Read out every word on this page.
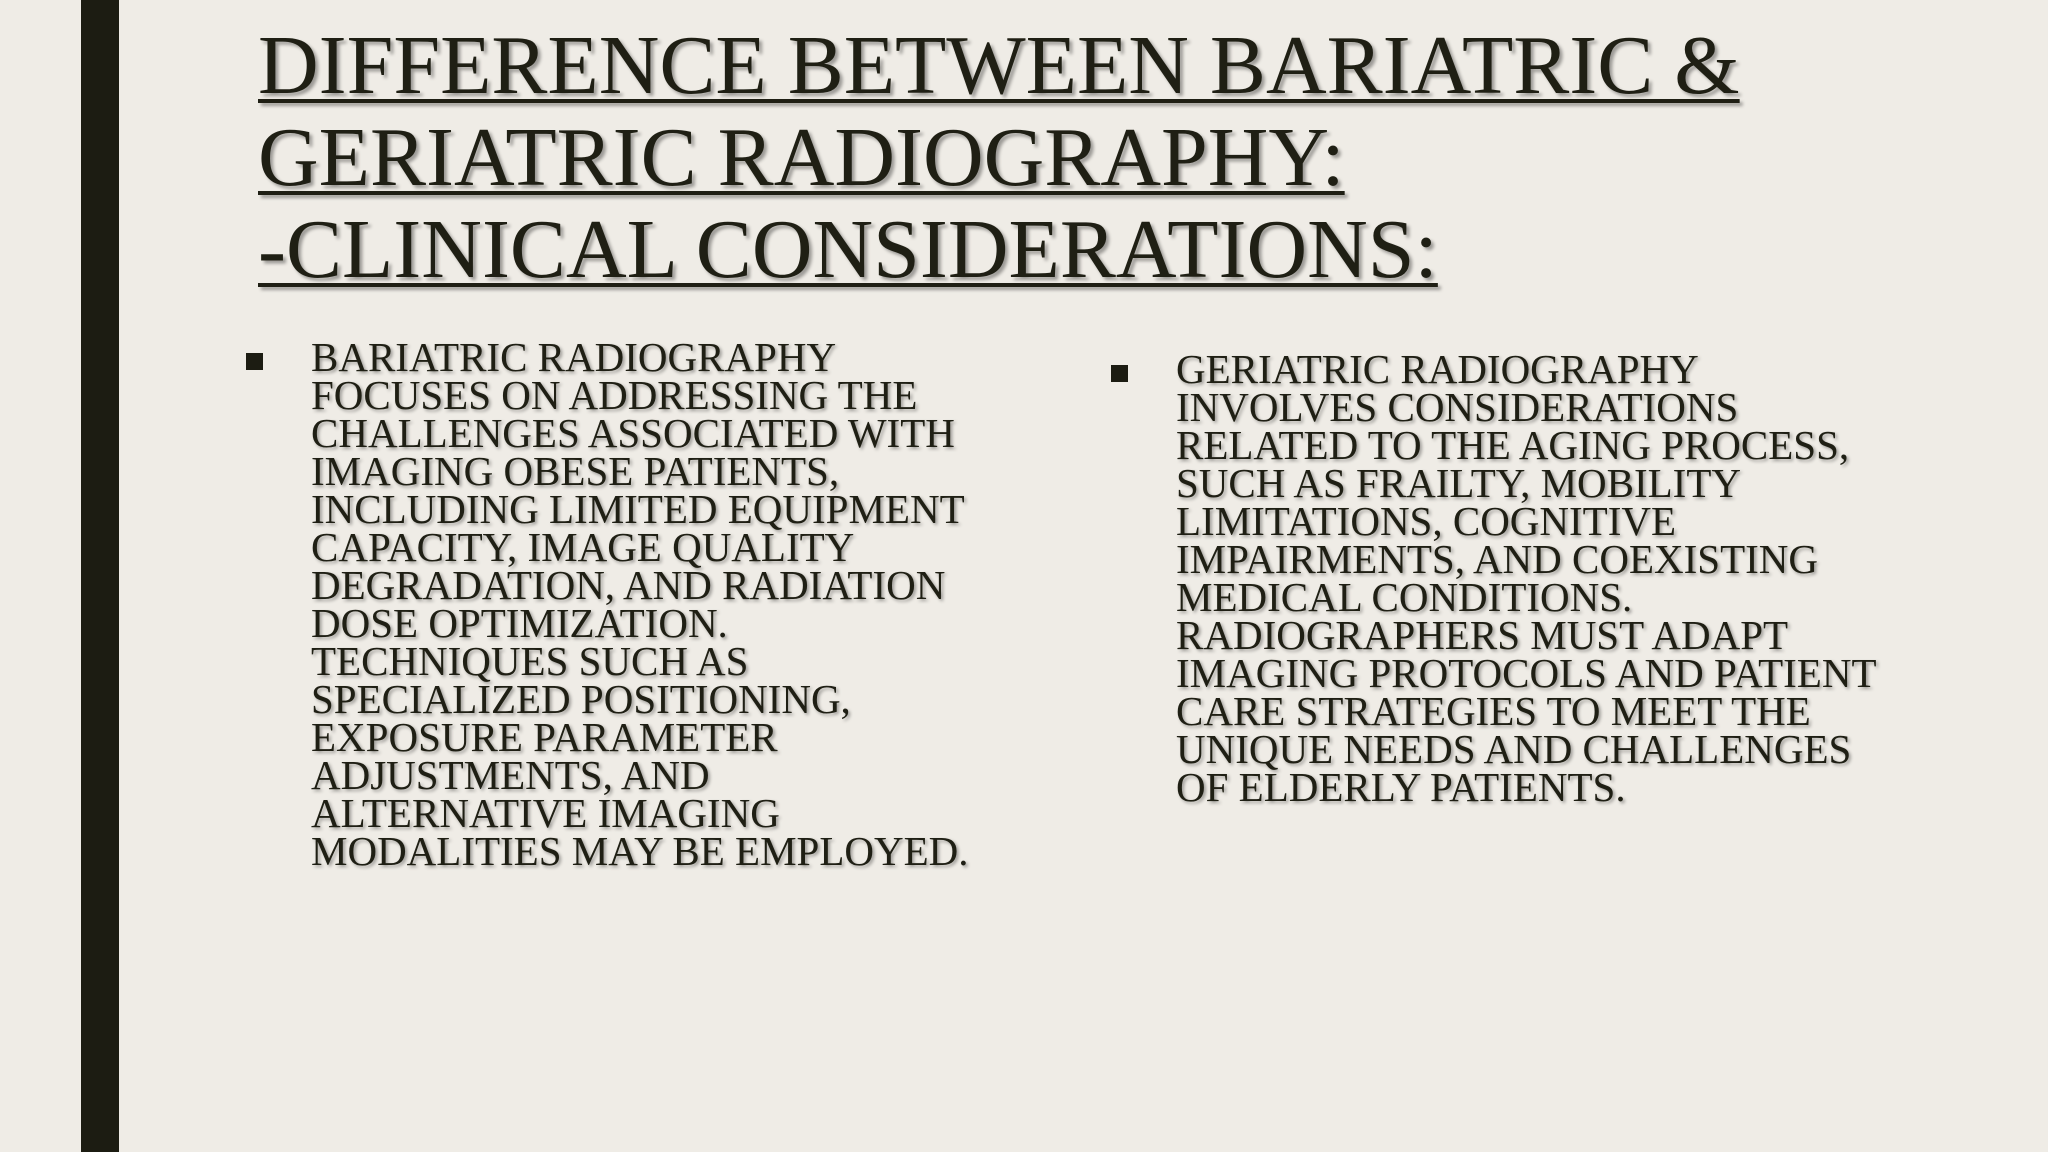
DIFFERENCE BETWEEN BARIATRIC &
GERIATRIC RADIOGRAPHY:
-CLINICAL CONSIDERATIONS:

BARIATRIC RADIOGRAPHY FOCUSES ON ADDRESSING THE CHALLENGES ASSOCIATED WITH IMAGING OBESE PATIENTS, INCLUDING LIMITED EQUIPMENT CAPACITY, IMAGE QUALITY DEGRADATION, AND RADIATION DOSE OPTIMIZATION. TECHNIQUES SUCH AS SPECIALIZED POSITIONING, EXPOSURE PARAMETER ADJUSTMENTS, AND ALTERNATIVE IMAGING MODALITIES MAY BE EMPLOYED.

GERIATRIC RADIOGRAPHY INVOLVES CONSIDERATIONS RELATED TO THE AGING PROCESS, SUCH AS FRAILTY, MOBILITY LIMITATIONS, COGNITIVE IMPAIRMENTS, AND COEXISTING MEDICAL CONDITIONS. RADIOGRAPHERS MUST ADAPT IMAGING PROTOCOLS AND PATIENT CARE STRATEGIES TO MEET THE UNIQUE NEEDS AND CHALLENGES OF ELDERLY PATIENTS.
